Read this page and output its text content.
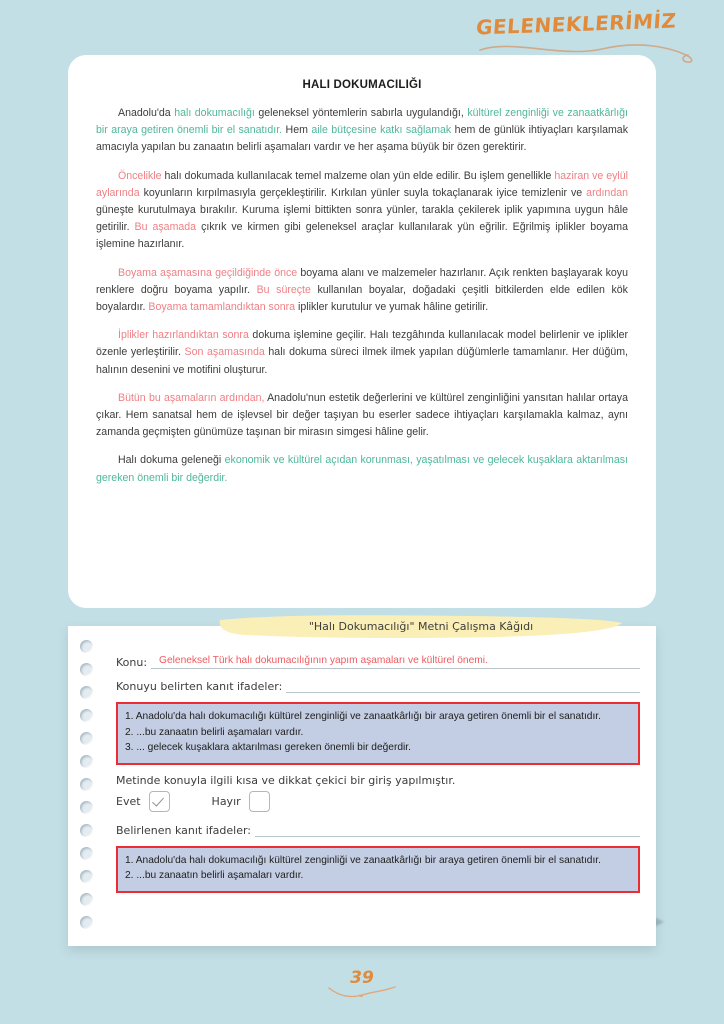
GELENEKLERİMİZ
HALI DOKUMACILIĞI

Anadolu'da halı dokumacılığı geleneksel yöntemlerin sabırla uygulandığı, kültürel zenginliği ve zanaatkârlığı bir araya getiren önemli bir el sanatıdır. Hem aile bütçesine katkı sağlamak hem de günlük ihtiyaçları karşılamak amacıyla yapılan bu zanaatın belirli aşamaları vardır ve her aşama büyük bir özen gerektirir.

Öncelikle halı dokumada kullanılacak temel malzeme olan yün elde edilir. Bu işlem genellikle haziran ve eylül aylarında koyunların kırpılmasıyla gerçekleştirilir. Kırkılan yünler suyla tokaçlanarak iyice temizlenir ve ardından güneşte kurutulmaya bırakılır. Kuruma işlemi bittikten sonra yünler, tarakla çekilerek iplik yapımına uygun hâle getirilir. Bu aşamada çıkrık ve kirmen gibi geleneksel araçlar kullanılarak yün eğrilir. Eğrilmiş iplikler boyama işlemine hazırlanır.

Boyama aşamasına geçildiğinde önce boyama alanı ve malzemeler hazırlanır. Açık renkten başlayarak koyu renklere doğru boyama yapılır. Bu süreçte kullanılan boyalar, doğadaki çeşitli bitkilerden elde edilen kök boyalardır. Boyama tamamlandıktan sonra iplikler kurutulur ve yumak hâline getirilir.

İplikler hazırlandıktan sonra dokuma işlemine geçilir. Halı tezgâhında kullanılacak model belirlenir ve iplikler özenle yerleştirilir. Son aşamasında halı dokuma süreci ilmek ilmek yapılan düğümlerle tamamlanır. Her düğüm, halının desenini ve motifini oluşturur.

Bütün bu aşamaların ardından, Anadolu'nun estetik değerlerini ve kültürel zenginliğini yansıtan halılar ortaya çıkar. Hem sanatsal hem de işlevsel bir değer taşıyan bu eserler sadece ihtiyaçları karşılamakla kalmaz, aynı zamanda geçmişten günümüze taşınan bir mirasın simgesi hâline gelir.

Halı dokuma geleneği ekonomik ve kültürel açıdan korunması, yaşatılması ve gelecek kuşaklara aktarılması gereken önemli bir değerdir.

"Halı Dokumacılığı" Metni Çalışma Kâğıdı
Konu: Geleneksel Türk halı dokumacılığının yapım aşamaları ve kültürel önemi.
Konuyu belirten kanıt ifadeler:
1. Anadolu'da halı dokumacılığı kültürel zenginliği ve zanaatkârlığı bir araya getiren önemli bir el sanatıdır.
2. ...bu zanaatın belirli aşamaları vardır.
3. ... gelecek kuşaklara aktarılması gereken önemli bir değerdir.
Metinde konuyla ilgili kısa ve dikkat çekici bir giriş yapılmıştır.
Evet	Hayır
Belirlenen kanıt ifadeler:
1. Anadolu'da halı dokumacılığı kültürel zenginliği ve zanaatkârlığı bir araya getiren önemli bir el sanatıdır.
2. ...bu zanaatın belirli aşamaları vardır.
39
